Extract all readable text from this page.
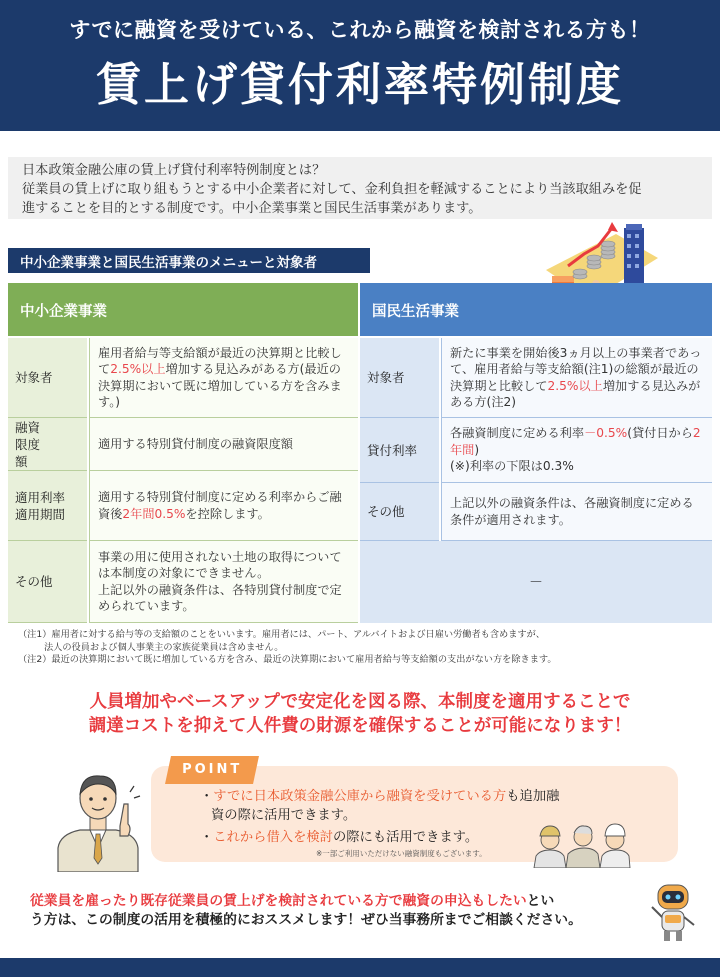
すでに融資を受けている、これから融資を検討される方も！
賃上げ貸付利率特例制度
日本政策金融公庫の賃上げ貸付利率特例制度とは？
従業員の賃上げに取り組もうとする中小企業者に対して、金利負担を軽減することにより当該取組みを促
進することを目的とする制度です。中小企業事業と国民生活事業があります。
中小企業事業と国民生活事業のメニューと対象者
中小企業事業
対象者
雇用者給与等支給額が最近の決算期と比較して2.5%以上増加する見込みがある方(最近の決算期において既に増加している方を含みます。)
融資限度額
適用する特別貸付制度の融資限度額
適用利率
適用期間
適用する特別貸付制度に定める利率からご融資後2年間0.5%を控除します。
その他
事業の用に使用されない土地の取得については本制度の対象にできません。
上記以外の融資条件は、各特別貸付制度で定められています。
国民生活事業
対象者
新たに事業を開始後3ヵ月以上の事業者であって、雇用者給与等支給額(注1)の総額が最近の決算期と比較して2.5%以上増加する見込みがある方(注2)
貸付利率
各融資制度に定める利率－0.5%(貸付日から2年間)
(※)利率の下限は0.3%
その他
上記以外の融資条件は、各融資制度に定める条件が適用されます。
－
（注1）雇用者に対する給与等の支給額のことをいいます。雇用者には、パート、アルバイトおよび日雇い労働者も含めますが、
法人の役員および個人事業主の家族従業員は含めません。
（注2）最近の決算期において既に増加している方を含み、最近の決算期において雇用者給与等支給額の支出がない方を除きます。
人員増加やベースアップで安定化を図る際、本制度を適用することで
調達コストを抑えて人件費の財源を確保することが可能になります！
POINT
・すでに日本政策金融公庫から融資を受けている方も追加融
資の際に活用できます。
・これから借入を検討の際にも活用できます。
※一部ご利用いただけない融資制度もございます。
従業員を雇ったり既存従業員の賃上げを検討されている方で融資の申込もしたいとい
う方は、この制度の活用を積極的におススメします！ぜひ当事務所までご相談ください。
